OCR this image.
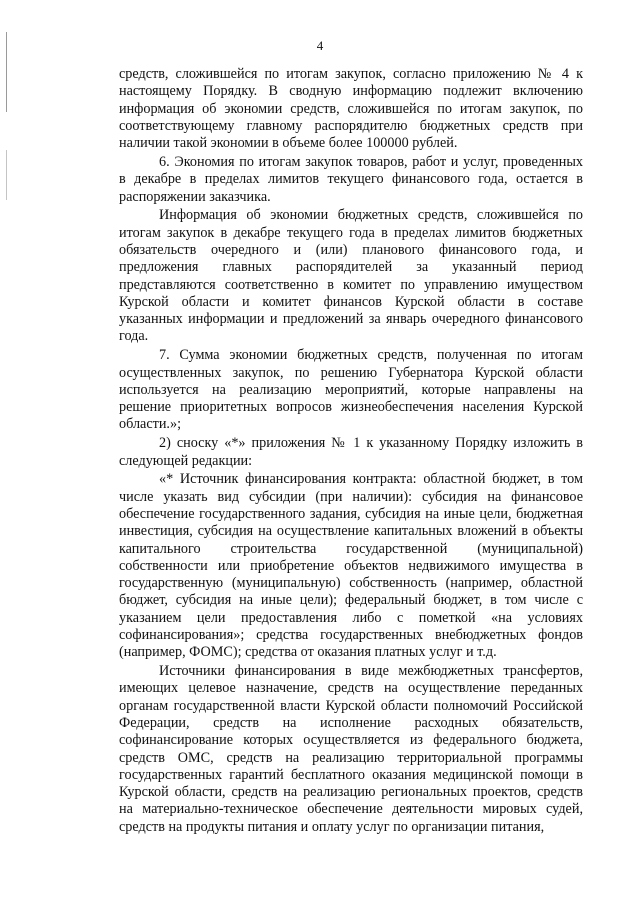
4
средств, сложившейся по итогам закупок, согласно приложению № 4 к
настоящему Порядку. В сводную информацию подлежит включению
информация об экономии средств, сложившейся по итогам закупок, по
соответствующему главному распорядителю бюджетных средств при
наличии такой экономии в объеме более 100000 рублей.
6. Экономия по итогам закупок товаров, работ и услуг, проведенных
в декабре в пределах лимитов текущего финансового года, остается в
распоряжении заказчика.
Информация об экономии бюджетных средств, сложившейся по
итогам закупок в декабре текущего года в пределах лимитов бюджетных
обязательств очередного и (или) планового финансового года, и
предложения главных распорядителей за указанный период
представляются соответственно в комитет по управлению имуществом
Курской области и комитет финансов Курской области в составе
указанных информации и предложений за январь очередного финансового
года.
7. Сумма экономии бюджетных средств, полученная по итогам
осуществленных закупок, по решению Губернатора Курской области
используется на реализацию мероприятий, которые направлены на
решение приоритетных вопросов жизнеобеспечения населения Курской
области.»;
2) сноску «*» приложения № 1 к указанному Порядку изложить в
следующей редакции:
«* Источник финансирования контракта: областной бюджет, в том
числе указать вид субсидии (при наличии): субсидия на финансовое
обеспечение государственного задания, субсидия на иные цели, бюджетная
инвестиция, субсидия на осуществление капитальных вложений в объекты
капитального строительства государственной (муниципальной)
собственности или приобретение объектов недвижимого имущества в
государственную (муниципальную) собственность (например, областной
бюджет, субсидия на иные цели); федеральный бюджет, в том числе с
указанием цели предоставления либо с пометкой «на условиях
софинансирования»; средства государственных внебюджетных фондов
(например, ФОМС); средства от оказания платных услуг и т.д.
Источники финансирования в виде межбюджетных трансфертов,
имеющих целевое назначение, средств на осуществление переданных
органам государственной власти Курской области полномочий Российской
Федерации, средств на исполнение расходных обязательств,
софинансирование которых осуществляется из федерального бюджета,
средств ОМС, средств на реализацию территориальной программы
государственных гарантий бесплатного оказания медицинской помощи в
Курской области, средств на реализацию региональных проектов, средств
на материально-техническое обеспечение деятельности мировых судей,
средств на продукты питания и оплату услуг по организации питания,
